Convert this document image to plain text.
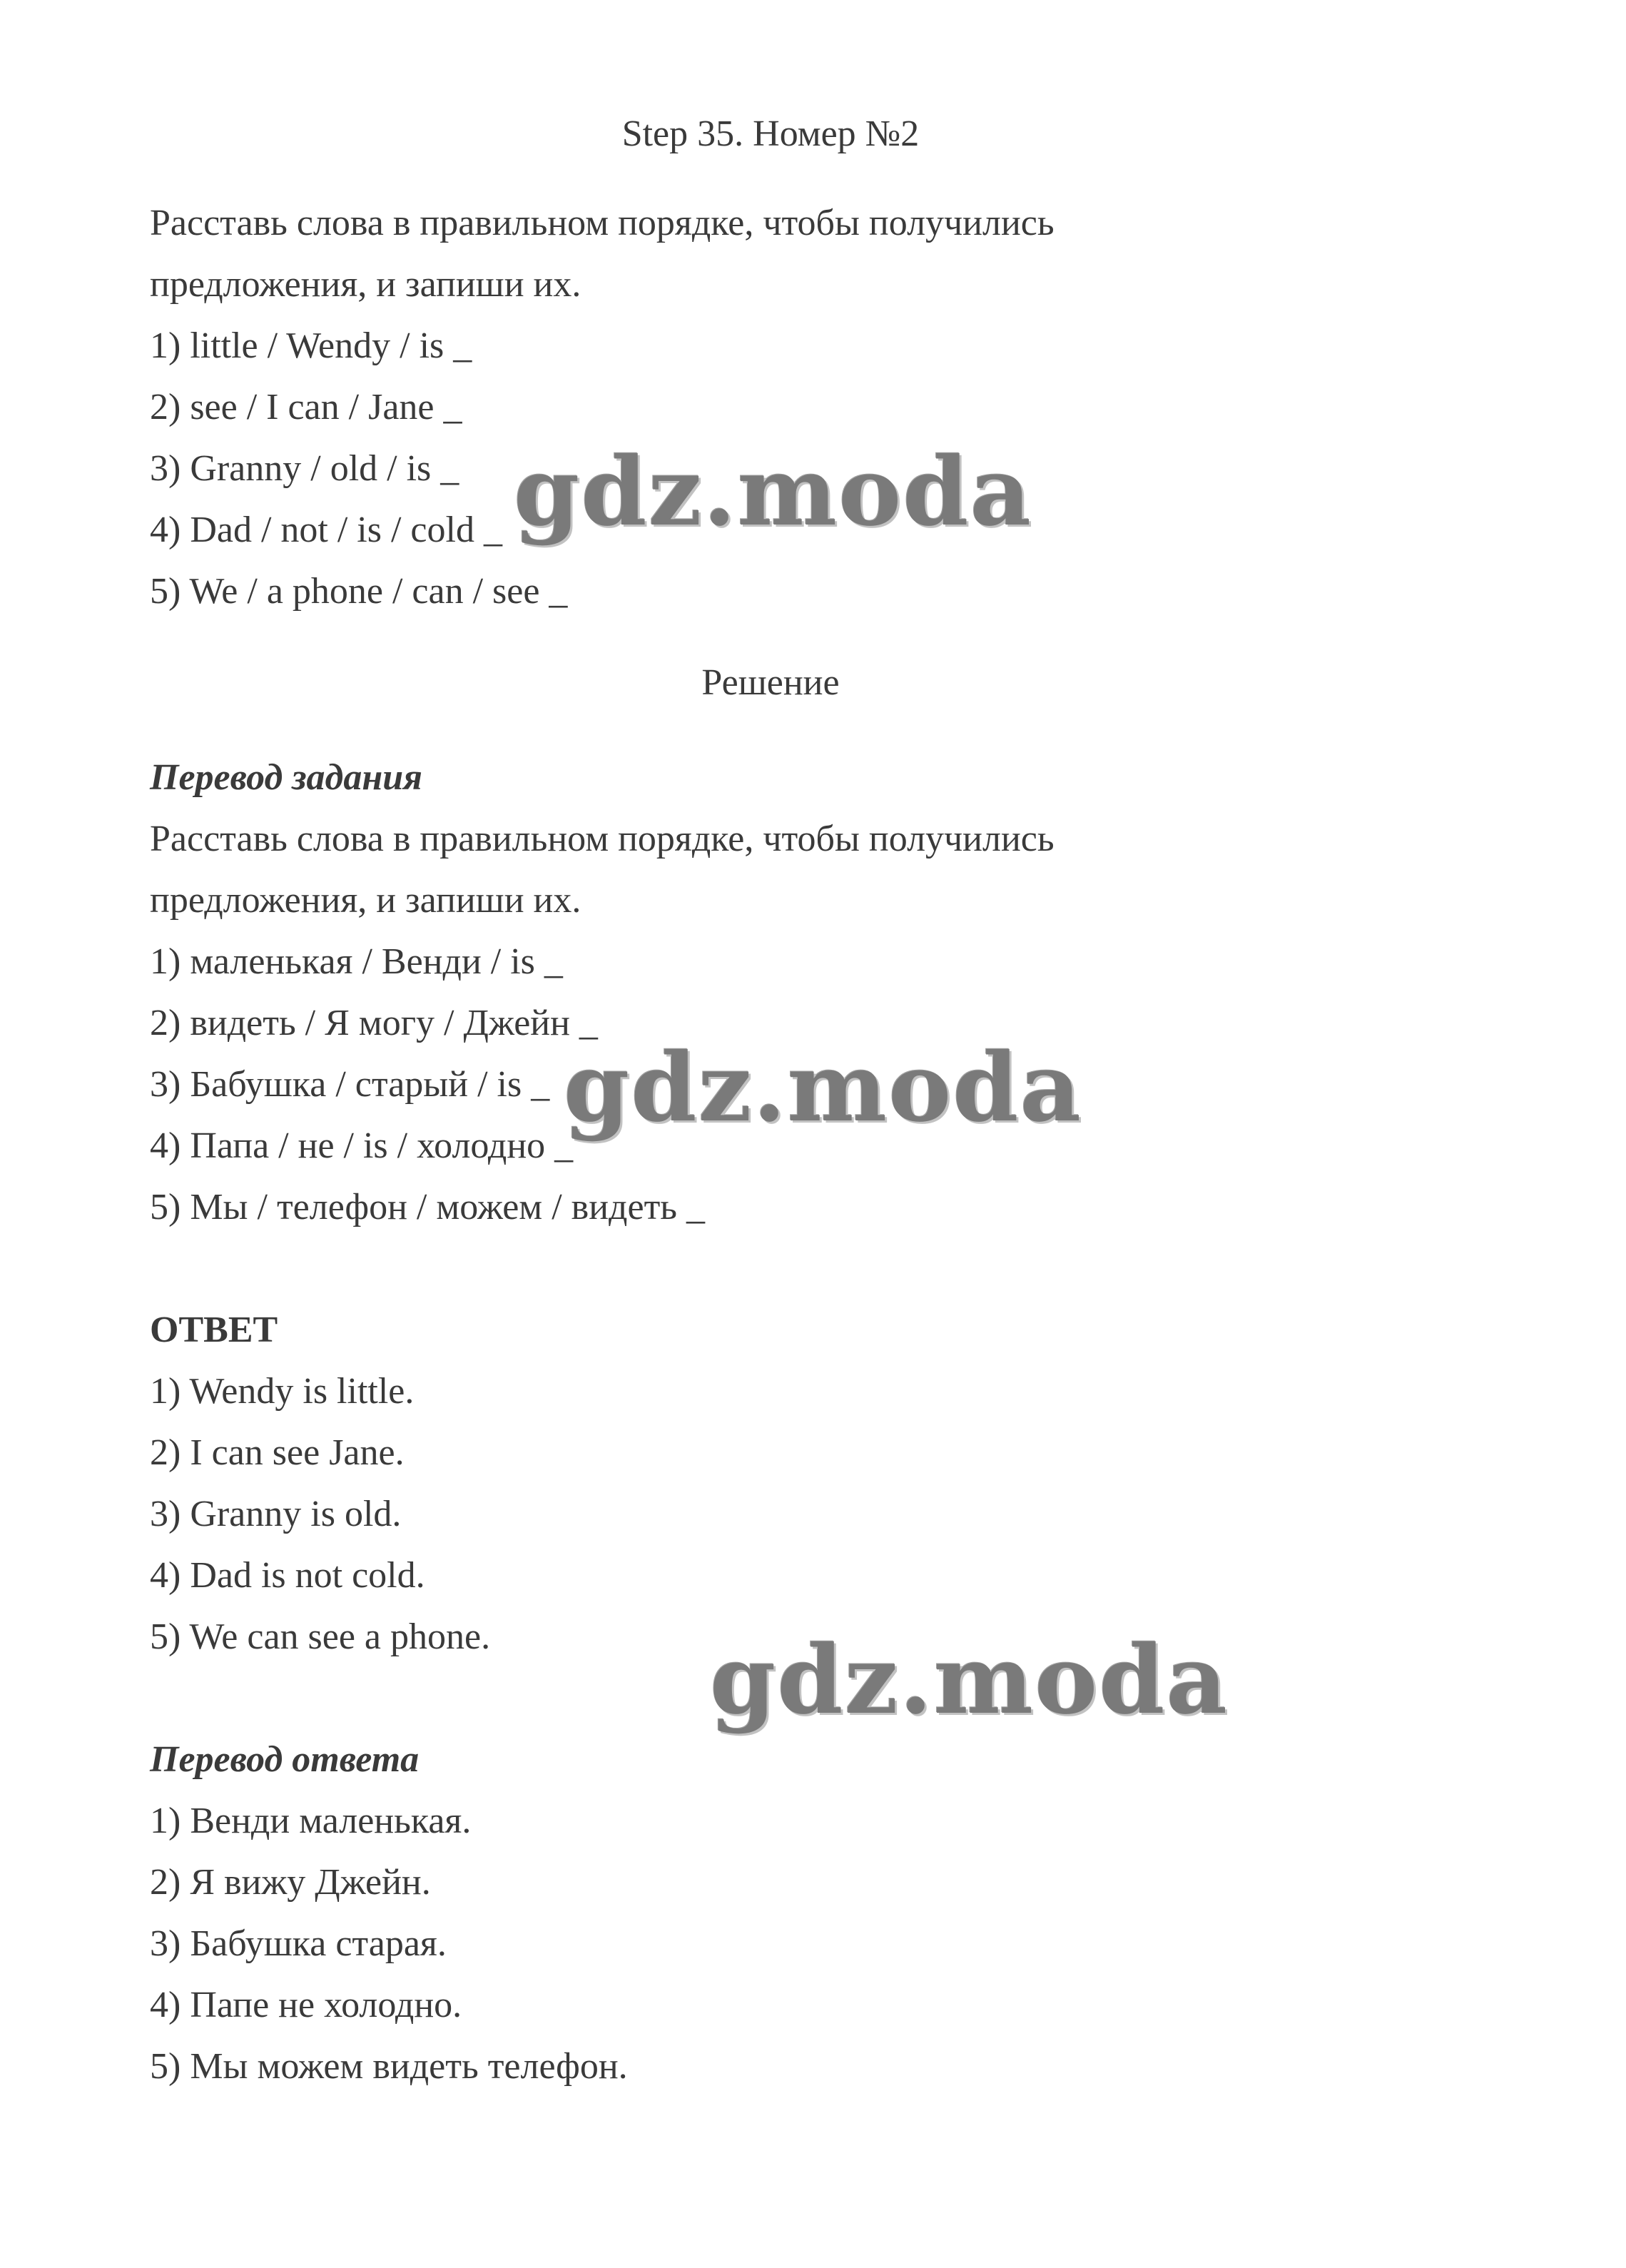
Step 35. Номер №2
Расставь слова в правильном порядке, чтобы получились
предложения, и запиши их.
1) little / Wendy / is _
2) see / I can / Jane _
3) Granny / old / is _
4) Dad / not / is / cold _
5) We / a phone / can / see _
Решение
Перевод задания
Расставь слова в правильном порядке, чтобы получились
предложения, и запиши их.
1) маленькая / Венди / is _
2) видеть / Я могу / Джейн _
3) Бабушка / старый / is _
4) Папа / не / is / холодно _
5) Мы / телефон / можем / видеть _
ОТВЕТ
1) Wendy is little.
2) I can see Jane.
3) Granny is old.
4) Dad is not cold.
5) We can see a phone.
Перевод ответа
1) Венди маленькая.
2) Я вижу Джейн.
3) Бабушка старая.
4) Папе не холодно.
5) Мы можем видеть телефон.
gdz.moda
gdz.moda
gdz.moda
